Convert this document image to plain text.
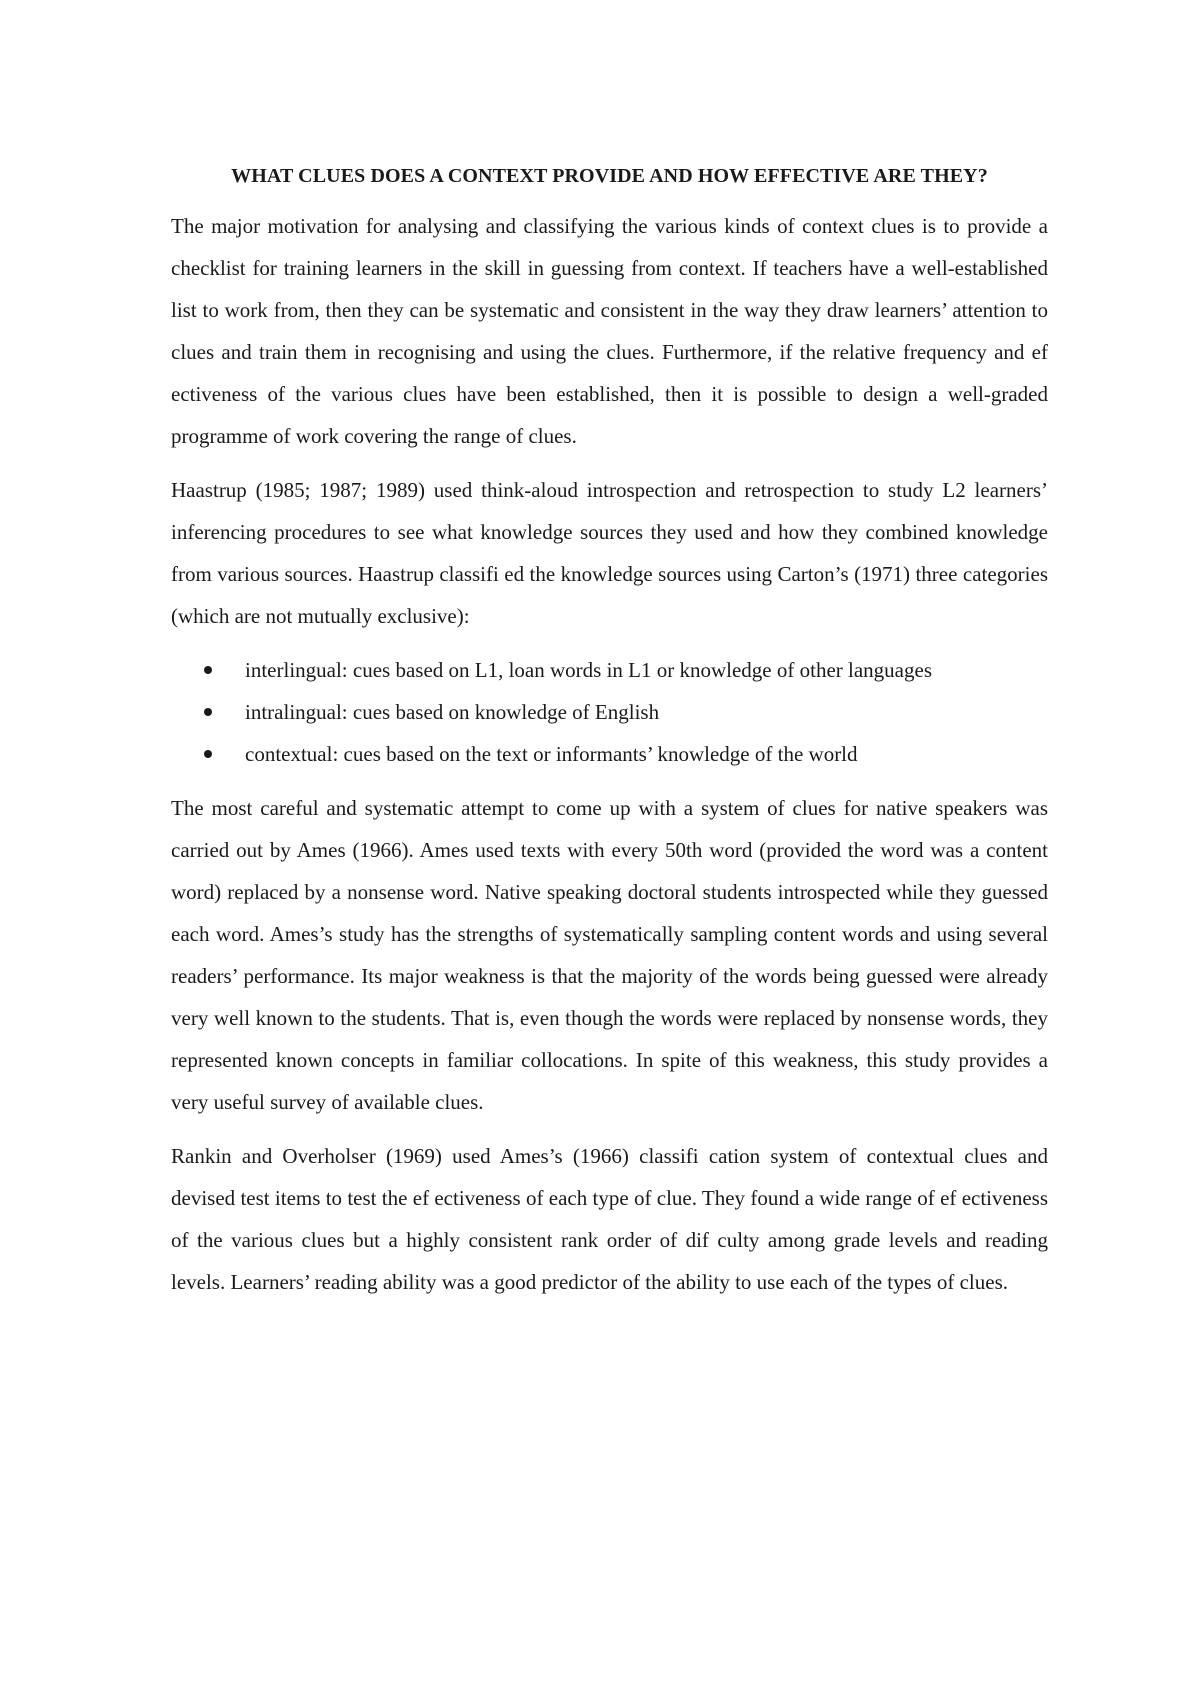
WHAT CLUES DOES A CONTEXT PROVIDE AND HOW EFFECTIVE ARE THEY?

The major motivation for analysing and classifying the various kinds of context clues is to provide a checklist for training learners in the skill in guessing from context. If teachers have a well-established list to work from, then they can be systematic and consistent in the way they draw learners’ attention to clues and train them in recognising and using the clues. Furthermore, if the relative frequency and ef ectiveness of the various clues have been established, then it is possible to design a well-graded programme of work covering the range of clues.

Haastrup (1985; 1987; 1989) used think-aloud introspection and retrospection to study L2 learners’ inferencing procedures to see what knowledge sources they used and how they combined knowledge from various sources. Haastrup classifi ed the knowledge sources using Carton’s (1971) three categories (which are not mutually exclusive):

interlingual: cues based on L1, loan words in L1 or knowledge of other languages
intralingual: cues based on knowledge of English
contextual: cues based on the text or informants’ knowledge of the world

The most careful and systematic attempt to come up with a system of clues for native speakers was carried out by Ames (1966). Ames used texts with every 50th word (provided the word was a content word) replaced by a nonsense word. Native speaking doctoral students introspected while they guessed each word. Ames’s study has the strengths of systematically sampling content words and using several readers’ performance. Its major weakness is that the majority of the words being guessed were already very well known to the students. That is, even though the words were replaced by nonsense words, they represented known concepts in familiar collocations. In spite of this weakness, this study provides a very useful survey of available clues.

Rankin and Overholser (1969) used Ames’s (1966) classifi cation system of contextual clues and devised test items to test the ef ectiveness of each type of clue. They found a wide range of ef ectiveness of the various clues but a highly consistent rank order of dif culty among grade levels and reading levels. Learners’ reading ability was a good predictor of the ability to use each of the types of clues.
